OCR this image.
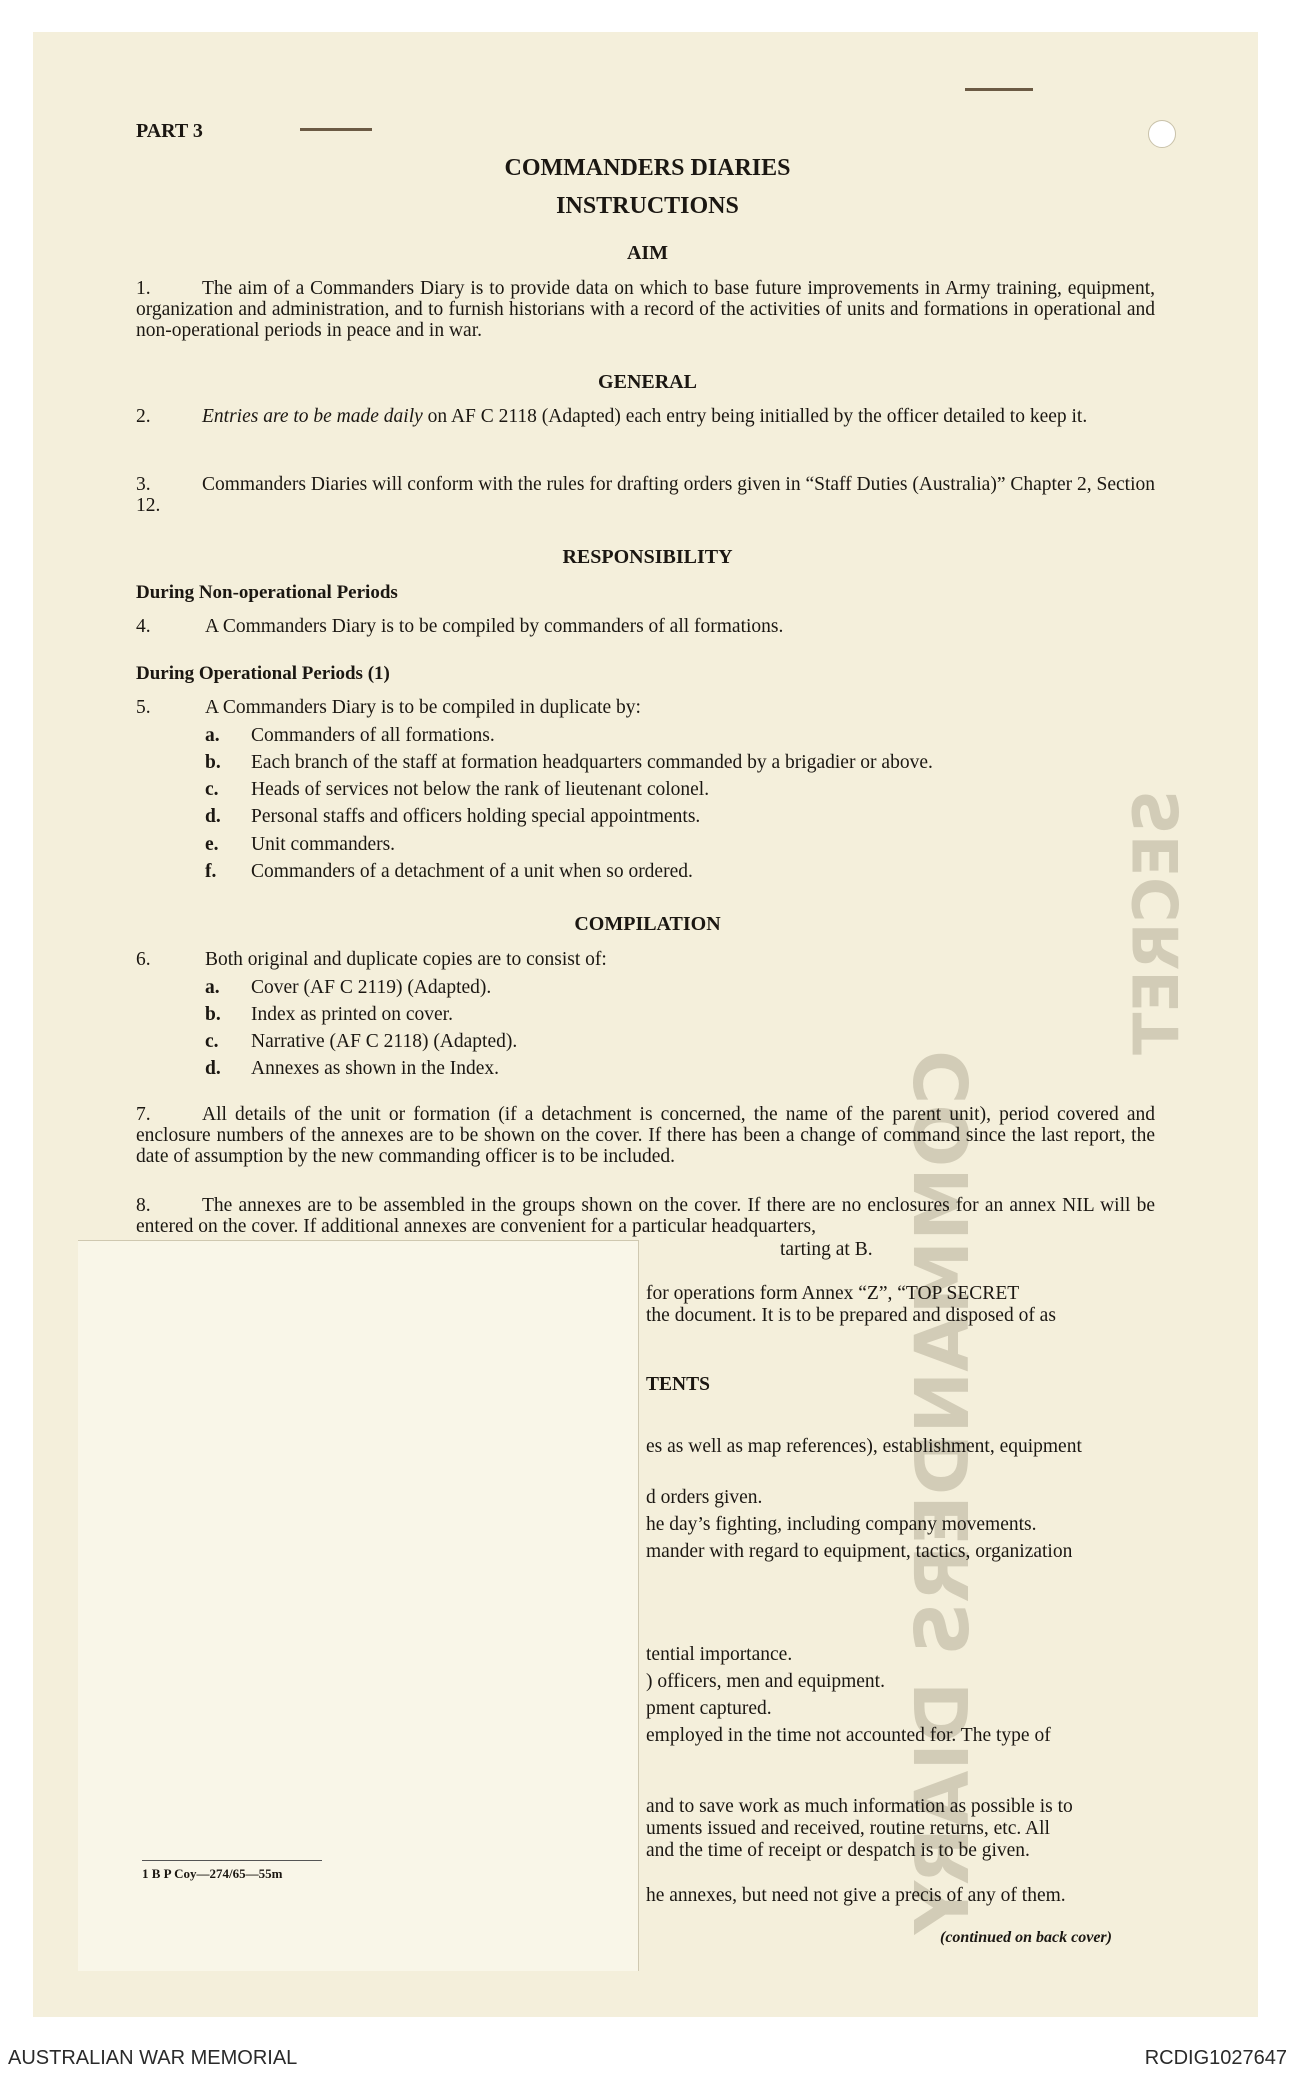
COMMANDERS DIARY
SECRET
PART 3
COMMANDERS DIARIES
INSTRUCTIONS
AIM
1.	The aim of a Commanders Diary is to provide data on which to base future improvements in Army training, equipment, organization and administration, and to furnish historians with a record of the activities of units and formations in operational and non-operational periods in peace and in war.
GENERAL
2.	Entries are to be made daily on AF C 2118 (Adapted) each entry being initialled by the officer detailed to keep it.
3.	Commanders Diaries will conform with the rules for drafting orders given in “Staff Duties (Australia)” Chapter 2, Section 12.
RESPONSIBILITY
During Non-operational Periods
4.	A Commanders Diary is to be compiled by commanders of all formations.
During Operational Periods (1)
5.	A Commanders Diary is to be compiled in duplicate by:
a. Commanders of all formations.
b. Each branch of the staff at formation headquarters commanded by a brigadier or above.
c. Heads of services not below the rank of lieutenant colonel.
d. Personal staffs and officers holding special appointments.
e. Unit commanders.
f. Commanders of a detachment of a unit when so ordered.
COMPILATION
6.	Both original and duplicate copies are to consist of:
a. Cover (AF C 2119) (Adapted).
b. Index as printed on cover.
c. Narrative (AF C 2118) (Adapted).
d. Annexes as shown in the Index.
7.	All details of the unit or formation (if a detachment is concerned, the name of the parent unit), period covered and enclosure numbers of the annexes are to be shown on the cover. If there has been a change of command since the last report, the date of assumption by the new commanding officer is to be included.
8.	The annexes are to be assembled in the groups shown on the cover. If there are no enclosures for an annex NIL will be entered on the cover. If additional annexes are convenient for a particular headquarters,
tarting at B.
1 B P Coy—274/65—55m
for operations form Annex “Z”, “TOP SECRET
the document. It is to be prepared and disposed of as
TENTS
es as well as map references), establishment, equipment
d orders given.
he day’s fighting, including company movements.
mander with regard to equipment, tactics, organization
tential importance.
) officers, men and equipment.
pment captured.
employed in the time not accounted for. The type of
and to save work as much information as possible is to
uments issued and received, routine returns, etc. All
and the time of receipt or despatch is to be given.
he annexes, but need not give a precis of any of them.
(continued on back cover)
AUSTRALIAN WAR MEMORIAL	RCDIG1027647
